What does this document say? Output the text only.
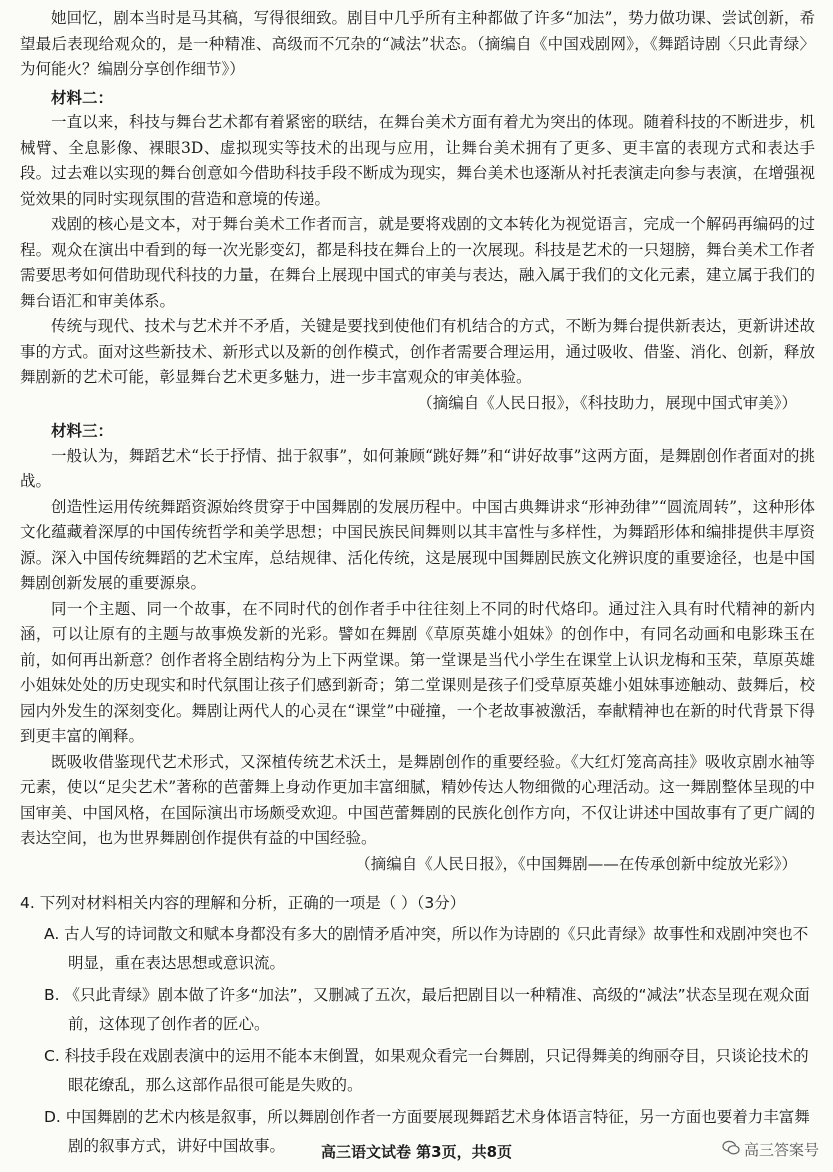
她回忆，剧本当时是马其稿，写得很细致。剧目中几乎所有主种都做了许多“加法”，势力做功课、尝试创新，希望最后表现给观众的，是一种精准、高级而不冗杂的“减法”状态。（摘编自《中国戏剧网》，《舞蹈诗剧〈只此青绿〉为何能火？编剧分享创作细节》）

材料二：

一直以来，科技与舞台艺术都有着紧密的联结，在舞台美术方面有着尤为突出的体现。随着科技的不断进步，机械臂、全息影像、裸眼3D、虚拟现实等技术的出现与应用，让舞台美术拥有了更多、更丰富的表现方式和表达手段。过去难以实现的舞台创意如今借助科技手段不断成为现实，舞台美术也逐渐从衬托表演走向参与表演，在增强视觉效果的同时实现氛围的营造和意境的传递。

戏剧的核心是文本，对于舞台美术工作者而言，就是要将戏剧的文本转化为视觉语言，完成一个解码再编码的过程。观众在演出中看到的每一次光影变幻，都是科技在舞台上的一次展现。科技是艺术的一只翅膀，舞台美术工作者需要思考如何借助现代科技的力量，在舞台上展现中国式的审美与表达，融入属于我们的文化元素，建立属于我们的舞台语汇和审美体系。

传统与现代、技术与艺术并不矛盾，关键是要找到使他们有机结合的方式，不断为舞台提供新表达，更新讲述故事的方式。面对这些新技术、新形式以及新的创作模式，创作者需要合理运用，通过吸收、借鉴、消化、创新，释放舞剧新的艺术可能，彰显舞台艺术更多魅力，进一步丰富观众的审美体验。

（摘编自《人民日报》，《科技助力，展现中国式审美》）

材料三：

一般认为，舞蹈艺术“长于抒情、拙于叙事”，如何兼顾“跳好舞”和“讲好故事”这两方面，是舞剧创作者面对的挑战。

创造性运用传统舞蹈资源始终贯穿于中国舞剧的发展历程中。中国古典舞讲求“形神劲律”“圆流周转”，这种形体文化蕴藏着深厚的中国传统哲学和美学思想；中国民族民间舞则以其丰富性与多样性，为舞蹈形体和编排提供丰厚资源。深入中国传统舞蹈的艺术宝库，总结规律、活化传统，这是展现中国舞剧民族文化辨识度的重要途径，也是中国舞剧创新发展的重要源泉。

同一个主题、同一个故事，在不同时代的创作者手中往往刻上不同的时代烙印。通过注入具有时代精神的新内涵，可以让原有的主题与故事焕发新的光彩。譬如在舞剧《草原英雄小姐妹》的创作中，有同名动画和电影珠玉在前，如何再出新意？创作者将全剧结构分为上下两堂课。第一堂课是当代小学生在课堂上认识龙梅和玉荣，草原英雄小姐妹处处的历史现实和时代氛围让孩子们感到新奇；第二堂课则是孩子们受草原英雄小姐妹事迹触动、鼓舞后，校园内外发生的深刻变化。舞剧让两代人的心灵在“课堂”中碰撞，一个老故事被激活，奉献精神也在新的时代背景下得到更丰富的阐释。

既吸收借鉴现代艺术形式，又深植传统艺术沃土，是舞剧创作的重要经验。《大红灯笼高高挂》吸收京剧水袖等元素，使以“足尖艺术”著称的芭蕾舞上身动作更加丰富细腻，精妙传达人物细微的心理活动。这一舞剧整体呈现的中国审美、中国风格，在国际演出市场颇受欢迎。中国芭蕾舞剧的民族化创作方向，不仅让讲述中国故事有了更广阔的表达空间，也为世界舞剧创作提供有益的中国经验。

（摘编自《人民日报》，《中国舞剧——在传承创新中绽放光彩》）

4. 下列对材料相关内容的理解和分析，正确的一项是（ ）（3分）

A. 古人写的诗词散文和赋本身都没有多大的剧情矛盾冲突，所以作为诗剧的《只此青绿》故事性和戏剧冲突也不明显，重在表达思想或意识流。

B. 《只此青绿》剧本做了许多“加法”，又删减了五次，最后把剧目以一种精准、高级的“减法”状态呈现在观众面前，这体现了创作者的匠心。

C. 科技手段在戏剧表演中的运用不能本末倒置，如果观众看完一台舞剧，只记得舞美的绚丽夺目，只谈论技术的眼花缭乱，那么这部作品很可能是失败的。

D. 中国舞剧的艺术内核是叙事，所以舞剧创作者一方面要展现舞蹈艺术身体语言特征，另一方面也要着力丰富舞剧的叙事方式，讲好中国故事。	高三语文试卷 第3页，共8页	高三答案号
